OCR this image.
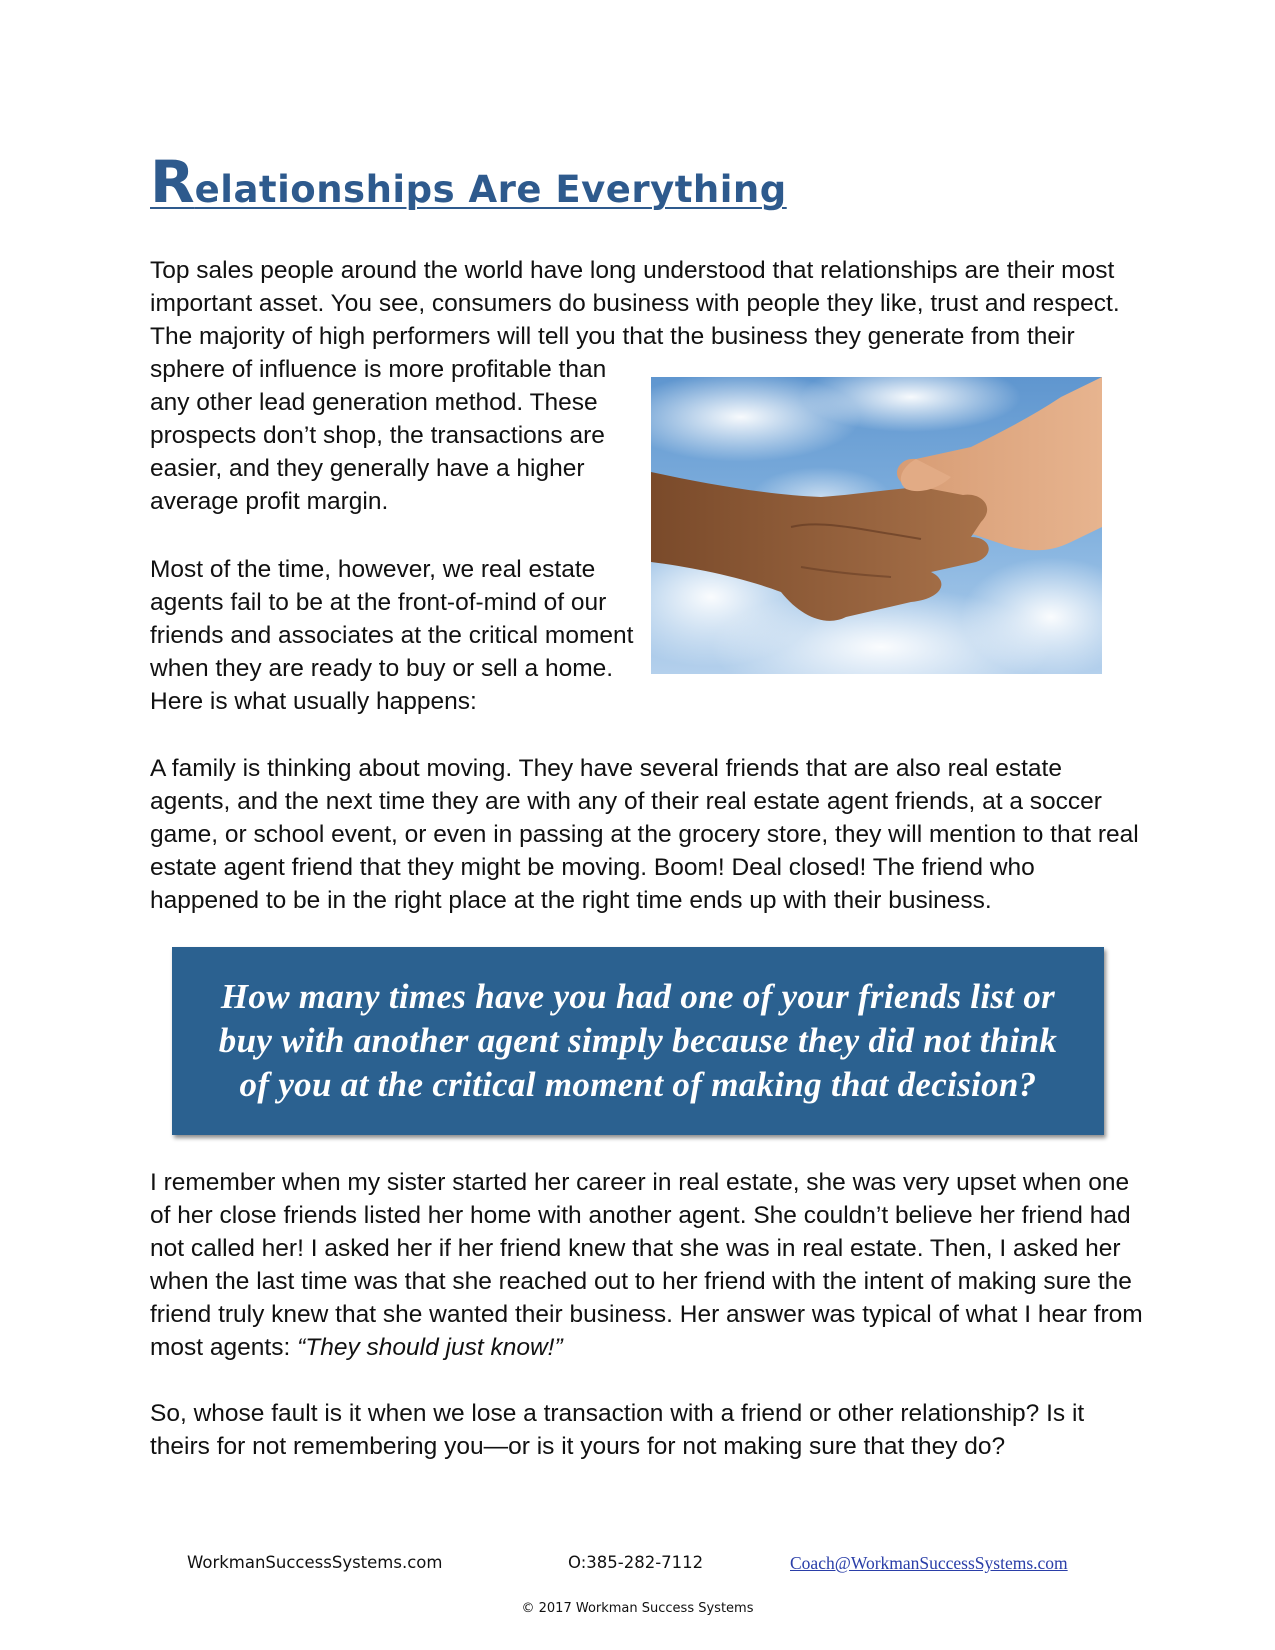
Relationships Are Everything

Top sales people around the world have long understood that relationships are their most
important asset. You see, consumers do business with people they like, trust and respect.
The majority of high performers will tell you that the business they generate from their

sphere of influence is more profitable than
any other lead generation method. These
prospects don’t shop, the transactions are
easier, and they generally have a higher
average profit margin.

Most of the time, however, we real estate
agents fail to be at the front-of-mind of our
friends and associates at the critical moment
when they are ready to buy or sell a home.
Here is what usually happens:

A family is thinking about moving. They have several friends that are also real estate
agents, and the next time they are with any of their real estate agent friends, at a soccer
game, or school event, or even in passing at the grocery store, they will mention to that real
estate agent friend that they might be moving. Boom! Deal closed! The friend who
happened to be in the right place at the right time ends up with their business.

How many times have you had one of your friends list or
buy with another agent simply because they did not think
of you at the critical moment of making that decision?

I remember when my sister started her career in real estate, she was very upset when one
of her close friends listed her home with another agent. She couldn’t believe her friend had
not called her! I asked her if her friend knew that she was in real estate. Then, I asked her
when the last time was that she reached out to her friend with the intent of making sure the
friend truly knew that she wanted their business. Her answer was typical of what I hear from
most agents: “They should just know!”

So, whose fault is it when we lose a transaction with a friend or other relationship? Is it
theirs for not remembering you—or is it yours for not making sure that they do?

WorkmanSuccessSystems.com	O:385-282-7112	Coach@WorkmanSuccessSystems.com
© 2017 Workman Success Systems
